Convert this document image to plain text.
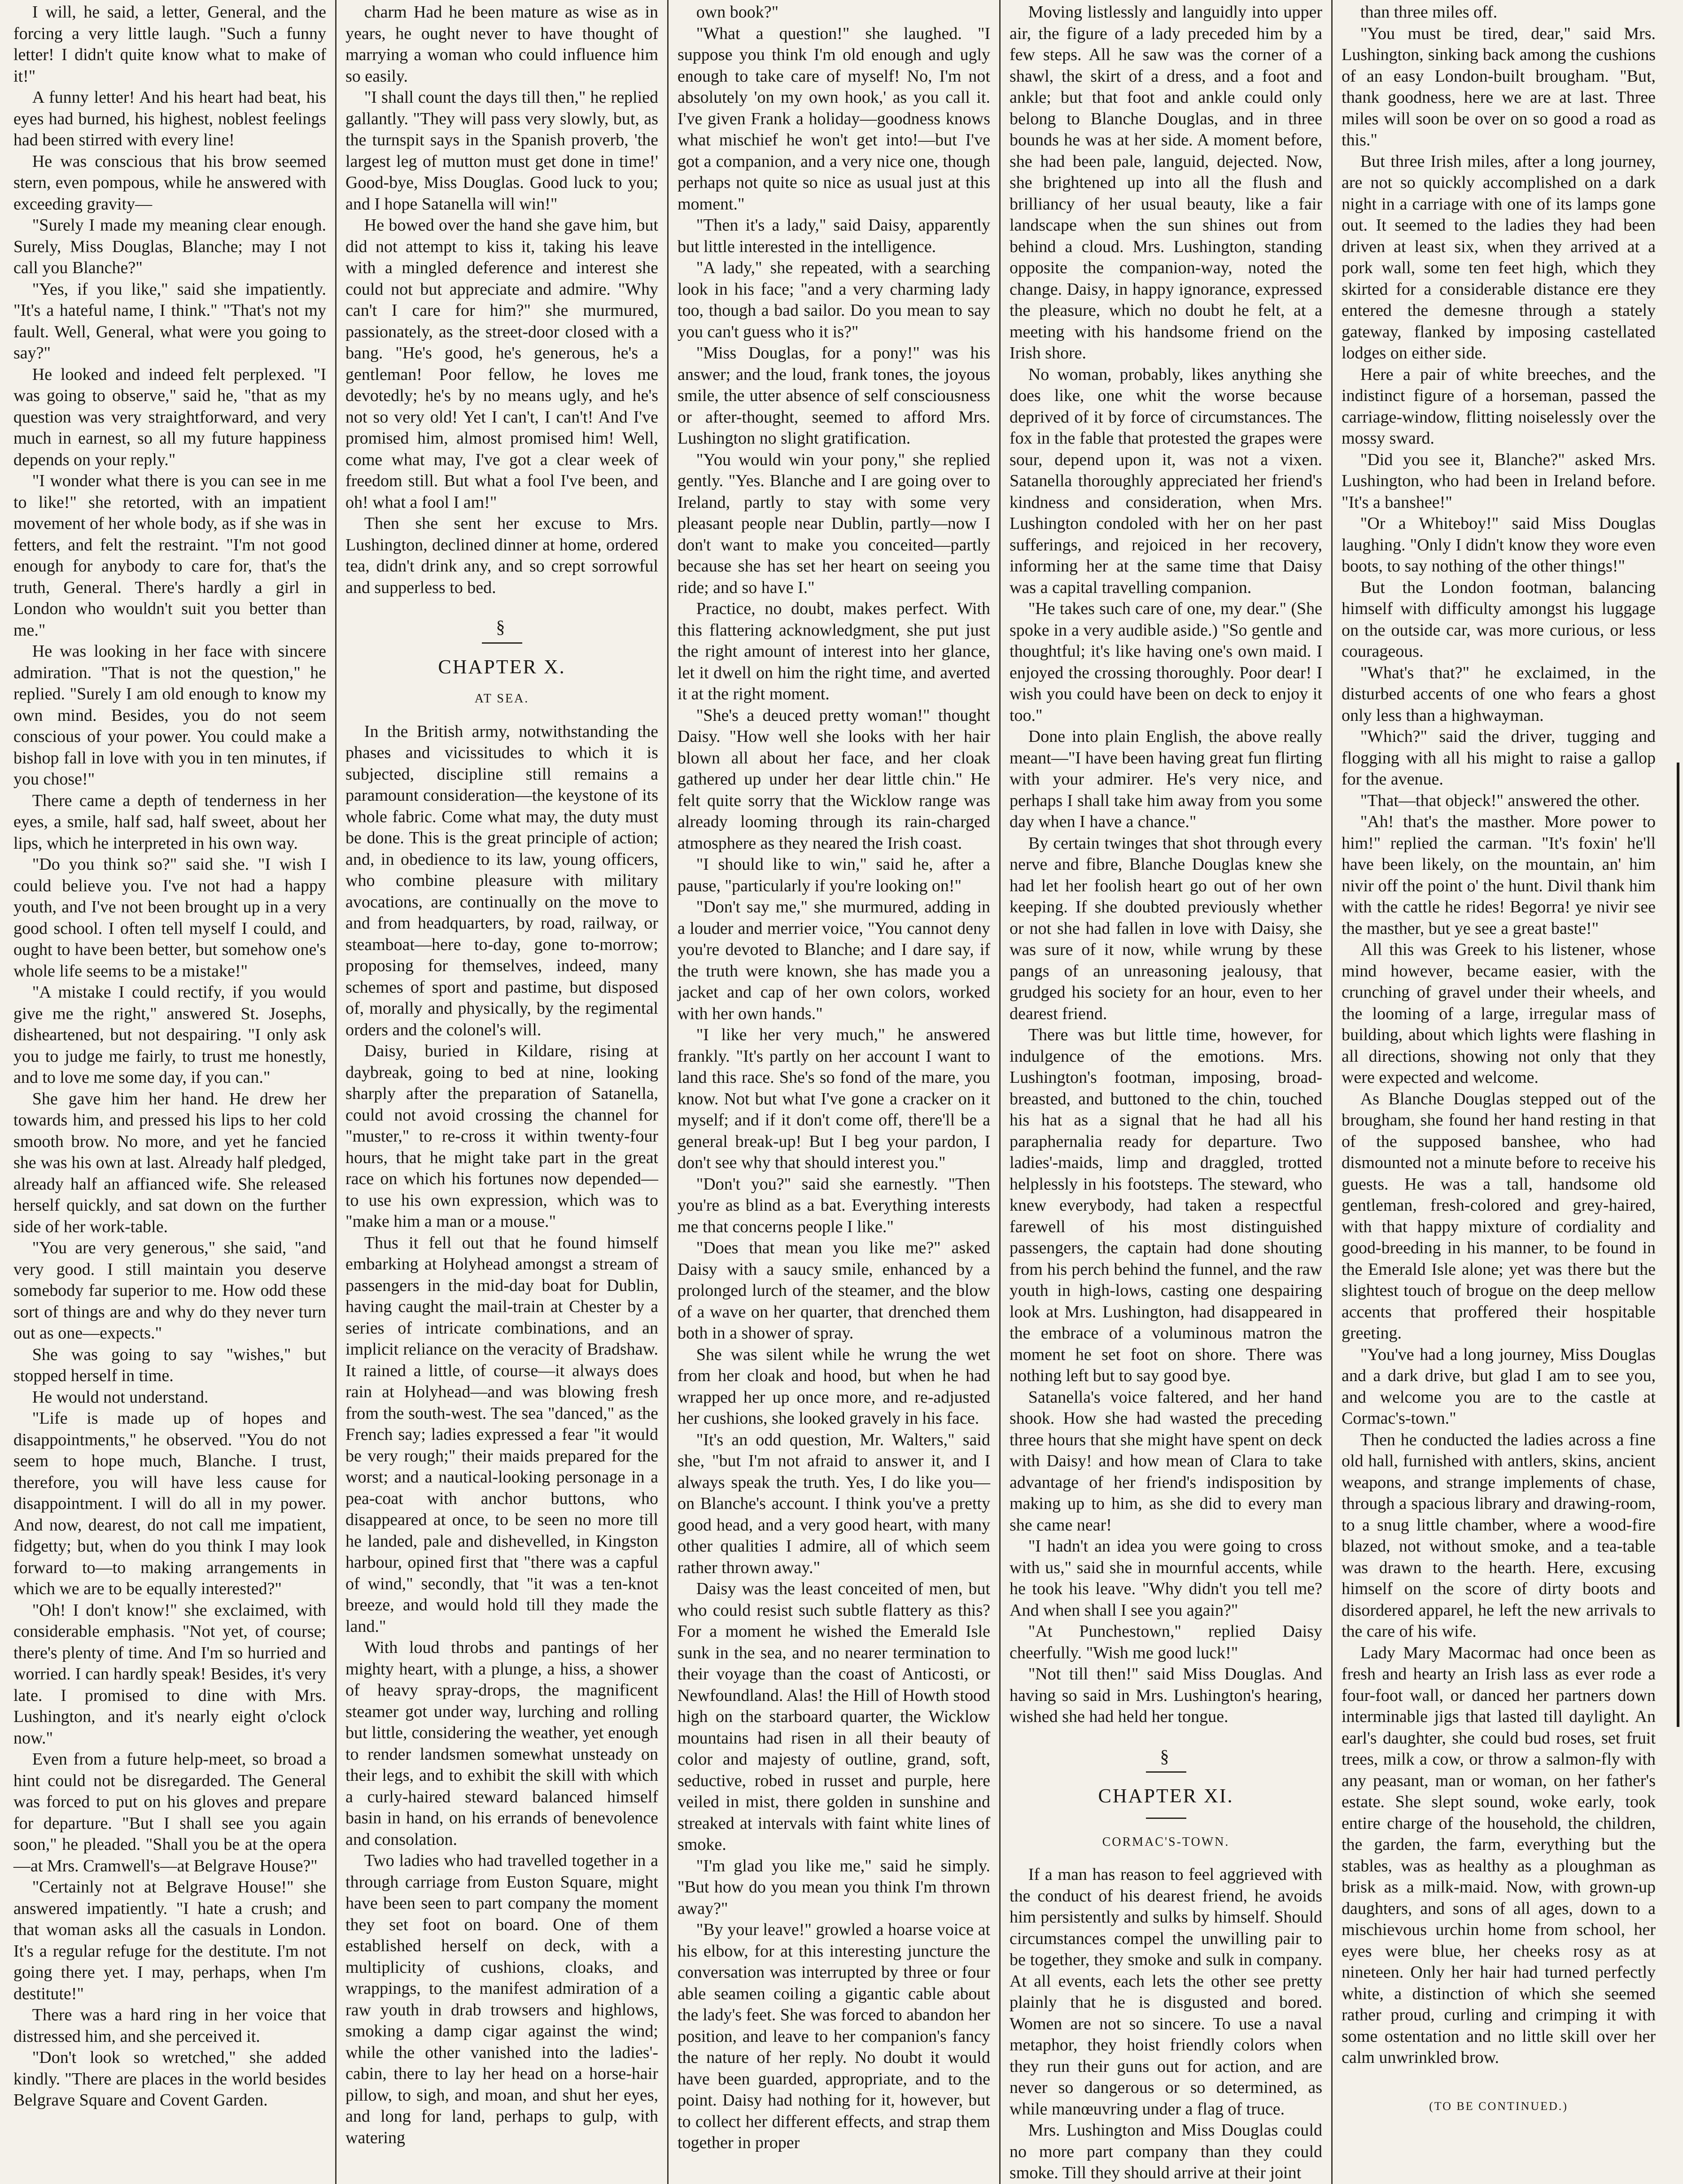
I will, he said, a letter, General, and the forcing a very little laugh. "Such a funny letter! I didn't quite know what to make of it!"

A funny letter! And his heart had beat, his eyes had burned, his highest, noblest feelings had been stirred with every line!

He was conscious that his brow seemed stern, even pompous, while he answered with exceeding gravity—

"Surely I made my meaning clear enough. Surely, Miss Douglas, Blanche; may I not call you Blanche?"

"Yes, if you like," said she impatiently. "It's a hateful name, I think." "That's not my fault. Well, General, what were you going to say?"

He looked and indeed felt perplexed. "I was going to observe," said he, "that as my question was very straightforward, and very much in earnest, so all my future happiness depends on your reply."

"I wonder what there is you can see in me to like!" she retorted, with an impatient movement of her whole body, as if she was in fetters, and felt the restraint. "I'm not good enough for anybody to care for, that's the truth, General. There's hardly a girl in London who wouldn't suit you better than me."

He was looking in her face with sincere admiration. "That is not the question," he replied. "Surely I am old enough to know my own mind. Besides, you do not seem conscious of your power. You could make a bishop fall in love with you in ten minutes, if you chose!"

There came a depth of tenderness in her eyes, a smile, half sad, half sweet, about her lips, which he interpreted in his own way.

"Do you think so?" said she. "I wish I could believe you. I've not had a happy youth, and I've not been brought up in a very good school. I often tell myself I could, and ought to have been better, but somehow one's whole life seems to be a mistake!"

"A mistake I could rectify, if you would give me the right," answered St. Josephs, disheartened, but not despairing. "I only ask you to judge me fairly, to trust me honestly, and to love me some day, if you can."

She gave him her hand. He drew her towards him, and pressed his lips to her cold smooth brow. No more, and yet he fancied she was his own at last. Already half pledged, already half an affianced wife. She released herself quickly, and sat down on the further side of her work-table.

"You are very generous," she said, "and very good. I still maintain you deserve somebody far superior to me. How odd these sort of things are and why do they never turn out as one—expects."

She was going to say "wishes," but stopped herself in time.

He would not understand.

"Life is made up of hopes and disappointments," he observed. "You do not seem to hope much, Blanche. I trust, therefore, you will have less cause for disappointment. I will do all in my power. And now, dearest, do not call me impatient, fidgetty; but, when do you think I may look forward to—to making arrangements in which we are to be equally interested?"

"Oh! I don't know!" she exclaimed, with considerable emphasis. "Not yet, of course; there's plenty of time. And I'm so hurried and worried. I can hardly speak! Besides, it's very late. I promised to dine with Mrs. Lushington, and it's nearly eight o'clock now."

Even from a future help-meet, so broad a hint could not be disregarded. The General was forced to put on his gloves and prepare for departure. "But I shall see you again soon," he pleaded. "Shall you be at the opera—at Mrs. Cramwell's—at Belgrave House?"

"Certainly not at Belgrave House!" she answered impatiently. "I hate a crush; and that woman asks all the casuals in London. It's a regular refuge for the destitute. I'm not going there yet. I may, perhaps, when I'm destitute!"

There was a hard ring in her voice that distressed him, and she perceived it.

"Don't look so wretched," she added kindly. "There are places in the world besides Belgrave Square and Covent Garden.

charm Had he been mature as wise as in years, he ought never to have thought of marrying a woman who could influence him so easily.

"I shall count the days till then," he replied gallantly. "They will pass very slowly, but, as the turnspit says in the Spanish proverb, 'the largest leg of mutton must get done in time!' Good-bye, Miss Douglas. Good luck to you; and I hope Satanella will win!"

He bowed over the hand she gave him, but did not attempt to kiss it, taking his leave with a mingled deference and interest she could not but appreciate and admire. "Why can't I care for him?" she murmured, passionately, as the street-door closed with a bang. "He's good, he's generous, he's a gentleman! Poor fellow, he loves me devotedly; he's by no means ugly, and he's not so very old! Yet I can't, I can't! And I've promised him, almost promised him! Well, come what may, I've got a clear week of freedom still. But what a fool I've been, and oh! what a fool I am!"

Then she sent her excuse to Mrs. Lushington, declined dinner at home, ordered tea, didn't drink any, and so crept sorrowful and supperless to bed.

§
CHAPTER X.
AT SEA.

In the British army, notwithstanding the phases and vicissitudes to which it is subjected, discipline still remains a paramount consideration—the keystone of its whole fabric. Come what may, the duty must be done. This is the great principle of action; and, in obedience to its law, young officers, who combine pleasure with military avocations, are continually on the move to and from headquarters, by road, railway, or steamboat—here to-day, gone to-morrow; proposing for themselves, indeed, many schemes of sport and pastime, but disposed of, morally and physically, by the regimental orders and the colonel's will.

Daisy, buried in Kildare, rising at daybreak, going to bed at nine, looking sharply after the preparation of Satanella, could not avoid crossing the channel for "muster," to re-cross it within twenty-four hours, that he might take part in the great race on which his fortunes now depended—to use his own expression, which was to "make him a man or a mouse."

Thus it fell out that he found himself embarking at Holyhead amongst a stream of passengers in the mid-day boat for Dublin, having caught the mail-train at Chester by a series of intricate combinations, and an implicit reliance on the veracity of Bradshaw. It rained a little, of course—it always does rain at Holyhead—and was blowing fresh from the south-west. The sea "danced," as the French say; ladies expressed a fear "it would be very rough;" their maids prepared for the worst; and a nautical-looking personage in a pea-coat with anchor buttons, who disappeared at once, to be seen no more till he landed, pale and dishevelled, in Kingston harbour, opined first that "there was a capful of wind," secondly, that "it was a ten-knot breeze, and would hold till they made the land."

With loud throbs and pantings of her mighty heart, with a plunge, a hiss, a shower of heavy spray-drops, the magnificent steamer got under way, lurching and rolling but little, considering the weather, yet enough to render landsmen somewhat unsteady on their legs, and to exhibit the skill with which a curly-haired steward balanced himself basin in hand, on his errands of benevolence and consolation.

Two ladies who had travelled together in a through carriage from Euston Square, might have been seen to part company the moment they set foot on board. One of them established herself on deck, with a multiplicity of cushions, cloaks, and wrappings, to the manifest admiration of a raw youth in drab trowsers and highlows, smoking a damp cigar against the wind; while the other vanished into the ladies'-cabin, there to lay her head on a horse-hair pillow, to sigh, and moan, and shut her eyes, and long for land, perhaps to gulp, with watering

own book?"

"What a question!" she laughed. "I suppose you think I'm old enough and ugly enough to take care of myself! No, I'm not absolutely 'on my own hook,' as you call it. I've given Frank a holiday—goodness knows what mischief he won't get into!—but I've got a companion, and a very nice one, though perhaps not quite so nice as usual just at this moment."

"Then it's a lady," said Daisy, apparently but little interested in the intelligence.

"A lady," she repeated, with a searching look in his face; "and a very charming lady too, though a bad sailor. Do you mean to say you can't guess who it is?"

"Miss Douglas, for a pony!" was his answer; and the loud, frank tones, the joyous smile, the utter absence of self consciousness or after-thought, seemed to afford Mrs. Lushington no slight gratification.

"You would win your pony," she replied gently. "Yes. Blanche and I are going over to Ireland, partly to stay with some very pleasant people near Dublin, partly—now I don't want to make you conceited—partly because she has set her heart on seeing you ride; and so have I."

Practice, no doubt, makes perfect. With this flattering acknowledgment, she put just the right amount of interest into her glance, let it dwell on him the right time, and averted it at the right moment.

"She's a deuced pretty woman!" thought Daisy. "How well she looks with her hair blown all about her face, and her cloak gathered up under her dear little chin." He felt quite sorry that the Wicklow range was already looming through its rain-charged atmosphere as they neared the Irish coast.

"I should like to win," said he, after a pause, "particularly if you're looking on!"

"Don't say me," she murmured, adding in a louder and merrier voice, "You cannot deny you're devoted to Blanche; and I dare say, if the truth were known, she has made you a jacket and cap of her own colors, worked with her own hands."

"I like her very much," he answered frankly. "It's partly on her account I want to land this race. She's so fond of the mare, you know. Not but what I've gone a cracker on it myself; and if it don't come off, there'll be a general break-up! But I beg your pardon, I don't see why that should interest you."

"Don't you?" said she earnestly. "Then you're as blind as a bat. Everything interests me that concerns people I like."

"Does that mean you like me?" asked Daisy with a saucy smile, enhanced by a prolonged lurch of the steamer, and the blow of a wave on her quarter, that drenched them both in a shower of spray.

She was silent while he wrung the wet from her cloak and hood, but when he had wrapped her up once more, and re-adjusted her cushions, she looked gravely in his face.

"It's an odd question, Mr. Walters," said she, "but I'm not afraid to answer it, and I always speak the truth. Yes, I do like you—on Blanche's account. I think you've a pretty good head, and a very good heart, with many other qualities I admire, all of which seem rather thrown away."

Daisy was the least conceited of men, but who could resist such subtle flattery as this? For a moment he wished the Emerald Isle sunk in the sea, and no nearer termination to their voyage than the coast of Anticosti, or Newfoundland. Alas! the Hill of Howth stood high on the starboard quarter, the Wicklow mountains had risen in all their beauty of color and majesty of outline, grand, soft, seductive, robed in russet and purple, here veiled in mist, there golden in sunshine and streaked at intervals with faint white lines of smoke.

"I'm glad you like me," said he simply. "But how do you mean you think I'm thrown away?"

"By your leave!" growled a hoarse voice at his elbow, for at this interesting juncture the conversation was interrupted by three or four able seamen coiling a gigantic cable about the lady's feet. She was forced to abandon her position, and leave to her companion's fancy the nature of her reply. No doubt it would have been guarded, appropriate, and to the point. Daisy had nothing for it, however, but to collect her different effects, and strap them together in proper

Moving listlessly and languidly into upper air, the figure of a lady preceded him by a few steps. All he saw was the corner of a shawl, the skirt of a dress, and a foot and ankle; but that foot and ankle could only belong to Blanche Douglas, and in three bounds he was at her side. A moment before, she had been pale, languid, dejected. Now, she brightened up into all the flush and brilliancy of her usual beauty, like a fair landscape when the sun shines out from behind a cloud. Mrs. Lushington, standing opposite the companion-way, noted the change. Daisy, in happy ignorance, expressed the pleasure, which no doubt he felt, at a meeting with his handsome friend on the Irish shore.

No woman, probably, likes anything she does like, one whit the worse because deprived of it by force of circumstances. The fox in the fable that protested the grapes were sour, depend upon it, was not a vixen. Satanella thoroughly appreciated her friend's kindness and consideration, when Mrs. Lushington condoled with her on her past sufferings, and rejoiced in her recovery, informing her at the same time that Daisy was a capital travelling companion.

"He takes such care of one, my dear." (She spoke in a very audible aside.) "So gentle and thoughtful; it's like having one's own maid. I enjoyed the crossing thoroughly. Poor dear! I wish you could have been on deck to enjoy it too."

Done into plain English, the above really meant—"I have been having great fun flirting with your admirer. He's very nice, and perhaps I shall take him away from you some day when I have a chance."

By certain twinges that shot through every nerve and fibre, Blanche Douglas knew she had let her foolish heart go out of her own keeping. If she doubted previously whether or not she had fallen in love with Daisy, she was sure of it now, while wrung by these pangs of an unreasoning jealousy, that grudged his society for an hour, even to her dearest friend.

There was but little time, however, for indulgence of the emotions. Mrs. Lushington's footman, imposing, broad-breasted, and buttoned to the chin, touched his hat as a signal that he had all his paraphernalia ready for departure. Two ladies'-maids, limp and draggled, trotted helplessly in his footsteps. The steward, who knew everybody, had taken a respectful farewell of his most distinguished passengers, the captain had done shouting from his perch behind the funnel, and the raw youth in high-lows, casting one despairing look at Mrs. Lushington, had disappeared in the embrace of a voluminous matron the moment he set foot on shore. There was nothing left but to say good bye.

Satanella's voice faltered, and her hand shook. How she had wasted the preceding three hours that she might have spent on deck with Daisy! and how mean of Clara to take advantage of her friend's indisposition by making up to him, as she did to every man she came near!

"I hadn't an idea you were going to cross with us," said she in mournful accents, while he took his leave. "Why didn't you tell me? And when shall I see you again?"

"At Punchestown," replied Daisy cheerfully. "Wish me good luck!"

"Not till then!" said Miss Douglas. And having so said in Mrs. Lushington's hearing, wished she had held her tongue.

§
CHAPTER XI.
CORMAC'S-TOWN.

If a man has reason to feel aggrieved with the conduct of his dearest friend, he avoids him persistently and sulks by himself. Should circumstances compel the unwilling pair to be together, they smoke and sulk in company. At all events, each lets the other see pretty plainly that he is disgusted and bored. Women are not so sincere. To use a naval metaphor, they hoist friendly colors when they run their guns out for action, and are never so dangerous or so determined, as while manœuvring under a flag of truce.

Mrs. Lushington and Miss Douglas could no more part company than they could smoke. Till they should arrive at their joint

than three miles off.

"You must be tired, dear," said Mrs. Lushington, sinking back among the cushions of an easy London-built brougham. "But, thank goodness, here we are at last. Three miles will soon be over on so good a road as this."

But three Irish miles, after a long journey, are not so quickly accomplished on a dark night in a carriage with one of its lamps gone out. It seemed to the ladies they had been driven at least six, when they arrived at a pork wall, some ten feet high, which they skirted for a considerable distance ere they entered the demesne through a stately gateway, flanked by imposing castellated lodges on either side.

Here a pair of white breeches, and the indistinct figure of a horseman, passed the carriage-window, flitting noiselessly over the mossy sward.

"Did you see it, Blanche?" asked Mrs. Lushington, who had been in Ireland before. "It's a banshee!"

"Or a Whiteboy!" said Miss Douglas laughing. "Only I didn't know they wore even boots, to say nothing of the other things!"

But the London footman, balancing himself with difficulty amongst his luggage on the outside car, was more curious, or less courageous.

"What's that?" he exclaimed, in the disturbed accents of one who fears a ghost only less than a highwayman.

"Which?" said the driver, tugging and flogging with all his might to raise a gallop for the avenue.

"That—that objeck!" answered the other.

"Ah! that's the masther. More power to him!" replied the carman. "It's foxin' he'll have been likely, on the mountain, an' him nivir off the point o' the hunt. Divil thank him with the cattle he rides! Begorra! ye nivir see the masther, but ye see a great baste!"

All this was Greek to his listener, whose mind however, became easier, with the crunching of gravel under their wheels, and the looming of a large, irregular mass of building, about which lights were flashing in all directions, showing not only that they were expected and welcome.

As Blanche Douglas stepped out of the brougham, she found her hand resting in that of the supposed banshee, who had dismounted not a minute before to receive his guests. He was a tall, handsome old gentleman, fresh-colored and grey-haired, with that happy mixture of cordiality and good-breeding in his manner, to be found in the Emerald Isle alone; yet was there but the slightest touch of brogue on the deep mellow accents that proffered their hospitable greeting.

"You've had a long journey, Miss Douglas and a dark drive, but glad I am to see you, and welcome you are to the castle at Cormac's-town."

Then he conducted the ladies across a fine old hall, furnished with antlers, skins, ancient weapons, and strange implements of chase, through a spacious library and drawing-room, to a snug little chamber, where a wood-fire blazed, not without smoke, and a tea-table was drawn to the hearth. Here, excusing himself on the score of dirty boots and disordered apparel, he left the new arrivals to the care of his wife.

Lady Mary Macormac had once been as fresh and hearty an Irish lass as ever rode a four-foot wall, or danced her partners down interminable jigs that lasted till daylight. An earl's daughter, she could bud roses, set fruit trees, milk a cow, or throw a salmon-fly with any peasant, man or woman, on her father's estate. She slept sound, woke early, took entire charge of the household, the children, the garden, the farm, everything but the stables, was as healthy as a ploughman as brisk as a milk-maid. Now, with grown-up daughters, and sons of all ages, down to a mischievous urchin home from school, her eyes were blue, her cheeks rosy as at nineteen. Only her hair had turned perfectly white, a distinction of which she seemed rather proud, curling and crimping it with some ostentation and no little skill over her calm unwrinkled brow.

(TO BE CONTINUED.)
